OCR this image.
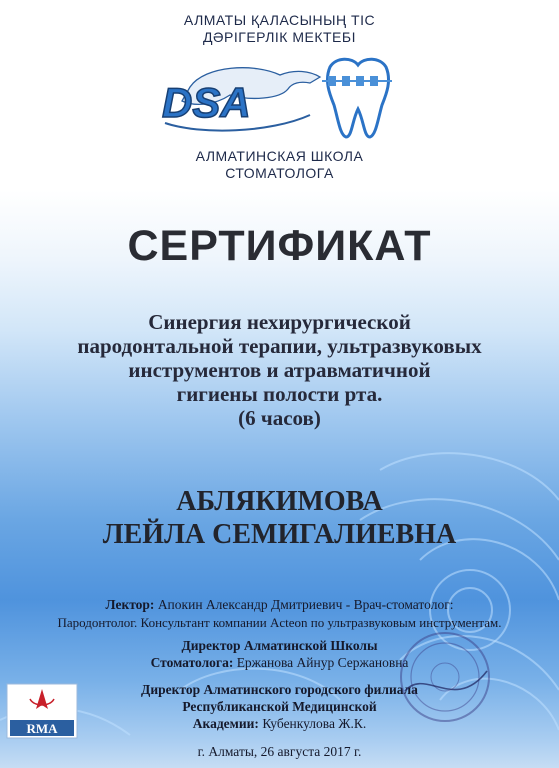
АЛМАТЫ ҚАЛАСЫНЫҢ ТІС
ДӘРІГЕРЛІК МЕКТЕБІ
DSA
АЛМАТИНСКАЯ ШКОЛА
СТОМАТОЛОГА
СЕРТИФИКАТ
Синергия нехирургической
пародонтальной терапии, ультразвуковых
инструментов и атравматичной
гигиены полости рта.
(6 часов)
АБЛЯКИМОВА
ЛЕЙЛА СЕМИГАЛИЕВНА
Лектор: Апокин Александр Дмитриевич - Врач-стоматолог:
Пародонтолог. Консультант компании Acteon по ультразвуковым инструментам.
Директор Алматинской Школы
Стоматолога: Ержанова Айнур Сержановна
Директор Алматинского городского филиала
Республиканской Медицинской
Академии: Кубенкулова Ж.К.
г. Алматы, 26 августа 2017 г.
RMA
